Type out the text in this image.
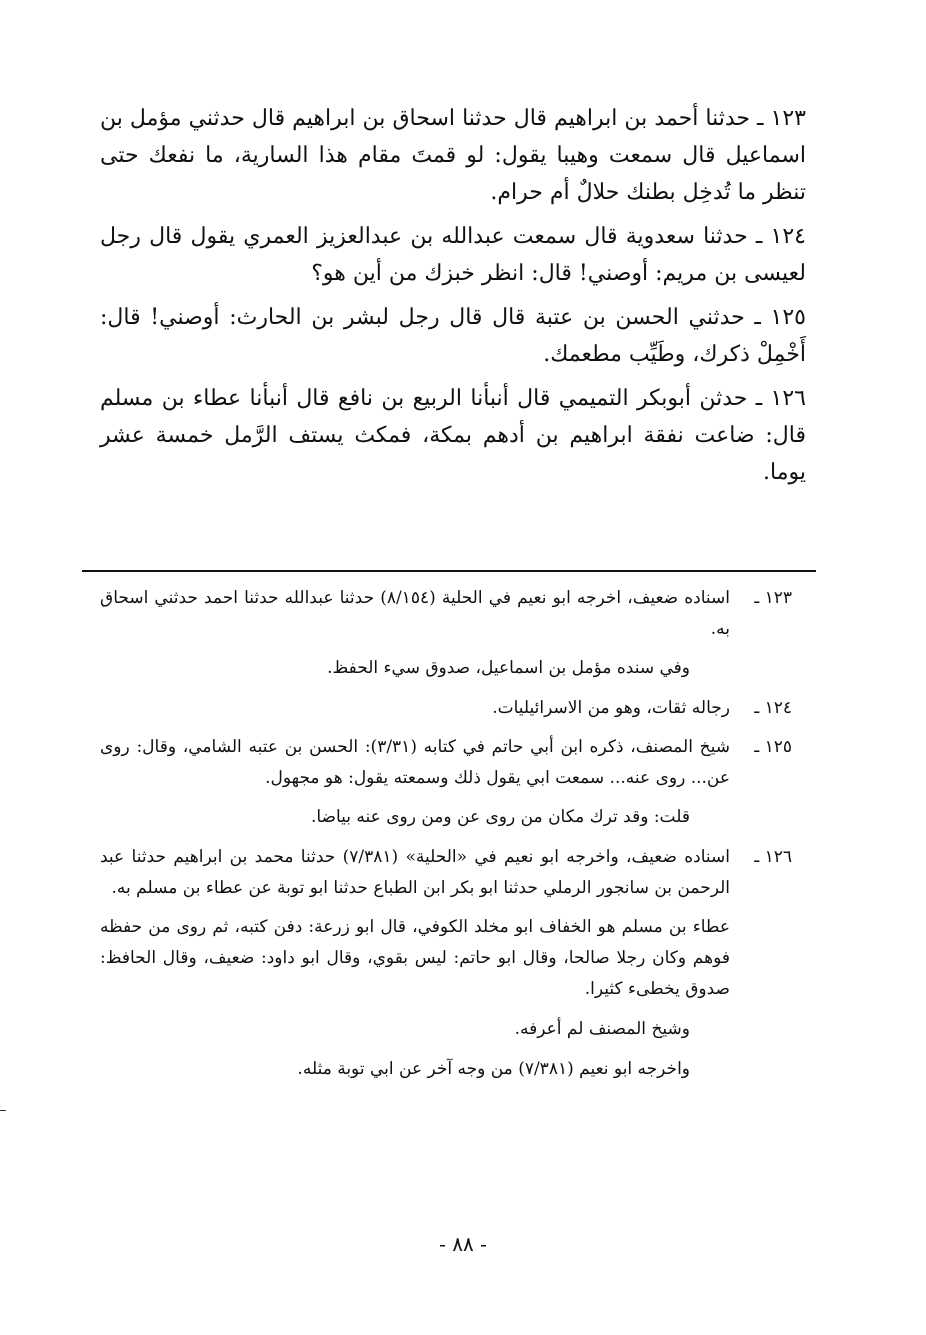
١٢٣ ـ حدثنا أحمد بن ابراهيم قال حدثنا اسحاق بن ابراهيم قال حدثني مؤمل بن اسماعيل قال سمعت وهيبا يقول: لو قمتَ مقام هذا السارية، ما نفعك حتى تنظر ما تُدخِل بطنك حلالٌ أم حرام.

١٢٤ ـ حدثنا سعدوية قال سمعت عبدالله بن عبدالعزيز العمري يقول قال رجل لعيسى بن مريم: أوصني! قال: انظر خبزك من أين هو؟

١٢٥ ـ حدثني الحسن بن عتبة قال قال رجل لبشر بن الحارث: أوصني! قال: أَخْمِلْ ذكرك، وطَيِّب مطعمك.

١٢٦ ـ حدثن أبوبكر التميمي قال أنبأنا الربيع بن نافع قال أنبأنا عطاء بن مسلم قال: ضاعت نفقة ابراهيم بن أدهم بمكة، فمكث يستف الرَّمل خمسة عشر يوما.

١٢٣ ـ
اسناده ضعيف، اخرجه ابو نعيم في الحلية (٨/١٥٤) حدثنا عبدالله حدثنا احمد حدثني اسحاق به.
وفي سنده مؤمل بن اسماعيل، صدوق سيء الحفظ.
١٢٤ ـ
رجاله ثقات، وهو من الاسرائيليات.
١٢٥ ـ
شيخ المصنف، ذكره ابن أبي حاتم في كتابه (٣/٣١): الحسن بن عتبه الشامي، وقال: روى عن... روى عنه... سمعت ابي يقول ذلك وسمعته يقول: هو مجهول.
قلت: وقد ترك مكان من روى عن ومن روى عنه بياضا.
١٢٦ ـ
اسناده ضعيف، واخرجه ابو نعيم في «الحلية» (٧/٣٨١) حدثنا محمد بن ابراهيم حدثنا عبد الرحمن بن سانجور الرملي حدثنا ابو بكر ابن الطباع حدثنا ابو توبة عن عطاء بن مسلم به.
عطاء بن مسلم هو الخفاف ابو مخلد الكوفي، قال ابو زرعة: دفن كتبه، ثم روى من حفظه فوهم وكان رجلا صالحا، وقال ابو حاتم: ليس بقوي، وقال ابو داود: ضعيف، وقال الحافظ: صدوق يخطىء كثيرا.
وشيخ المصنف لم أعرفه.
واخرجه ابو نعيم (٧/٣٨١) من وجه آخر عن ابي توبة مثله.
- ٨٨ -
